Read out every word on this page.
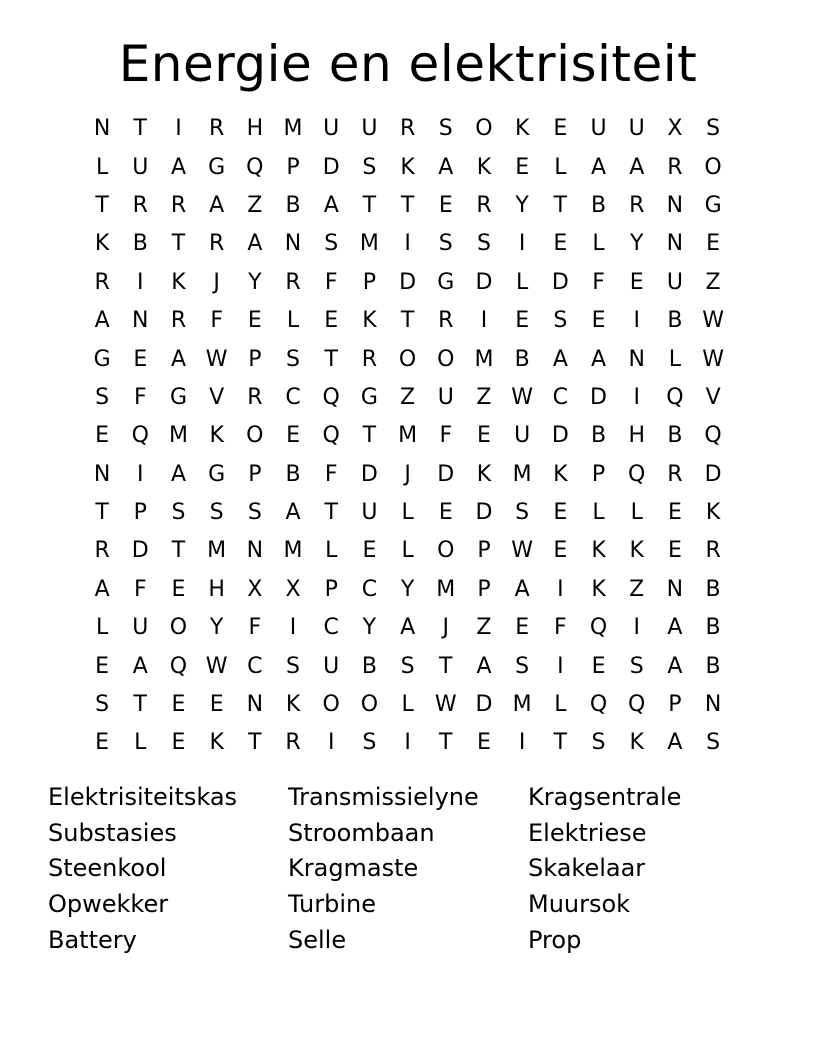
Energie en elektrisiteit
N	T	I	R	H M U	U	R	S	O	K	E	U	U	X	S
L	U	A	G Q	P	D	S	K	A	K	E	L	A	A	R O
T	R	R	A	Z	B	A	T	T	E	R	Y	T	B	R	N G
K	B	T	R	A	N	S M	I	S	S	I	E	L	Y	N	E
R	I	K	J	Y	R	F	P	D G D	L	D	F	E	U	Z
A	N	R	F	E	L	E	K	T	R	I	E	S	E	I	B W
G	E	A W P	S	T	R O O M B	A	A	N	L W
S	F	G	V	R	C Q G	Z	U	Z W C	D	I	Q	V
E	Q M K	O	E	Q	T M	F	E	U D	B	H	B Q
N	I	A	G	P	B	F	D	J	D	K M K	P	Q R	D
T	P	S	S	S	A	T	U	L	E	D	S	E	L	L	E	K
R	D	T M N M	L	E	L	O	P W E	K	K	E	R
A	F	E	H	X	X	P	C	Y M	P	A	I	K	Z	N	B
L	U O	Y	F	I	C	Y	A	J	Z	E	F	Q	I	A	B
E	A Q W C	S	U	B	S	T	A	S	I	E	S	A	B
S	T	E	E	N	K	O O	L W D M	L	Q Q	P	N
E	L	E	K	T	R	I	S	I	T	E	I	T	S	K	A	S
Elektrisiteitskas	Transmissielyne	Kragsentrale
Substasies	Stroombaan	Elektriese
Steenkool	Kragmaste	Skakelaar
Opwekker	Turbine	Muursok
Battery	Selle	Prop
